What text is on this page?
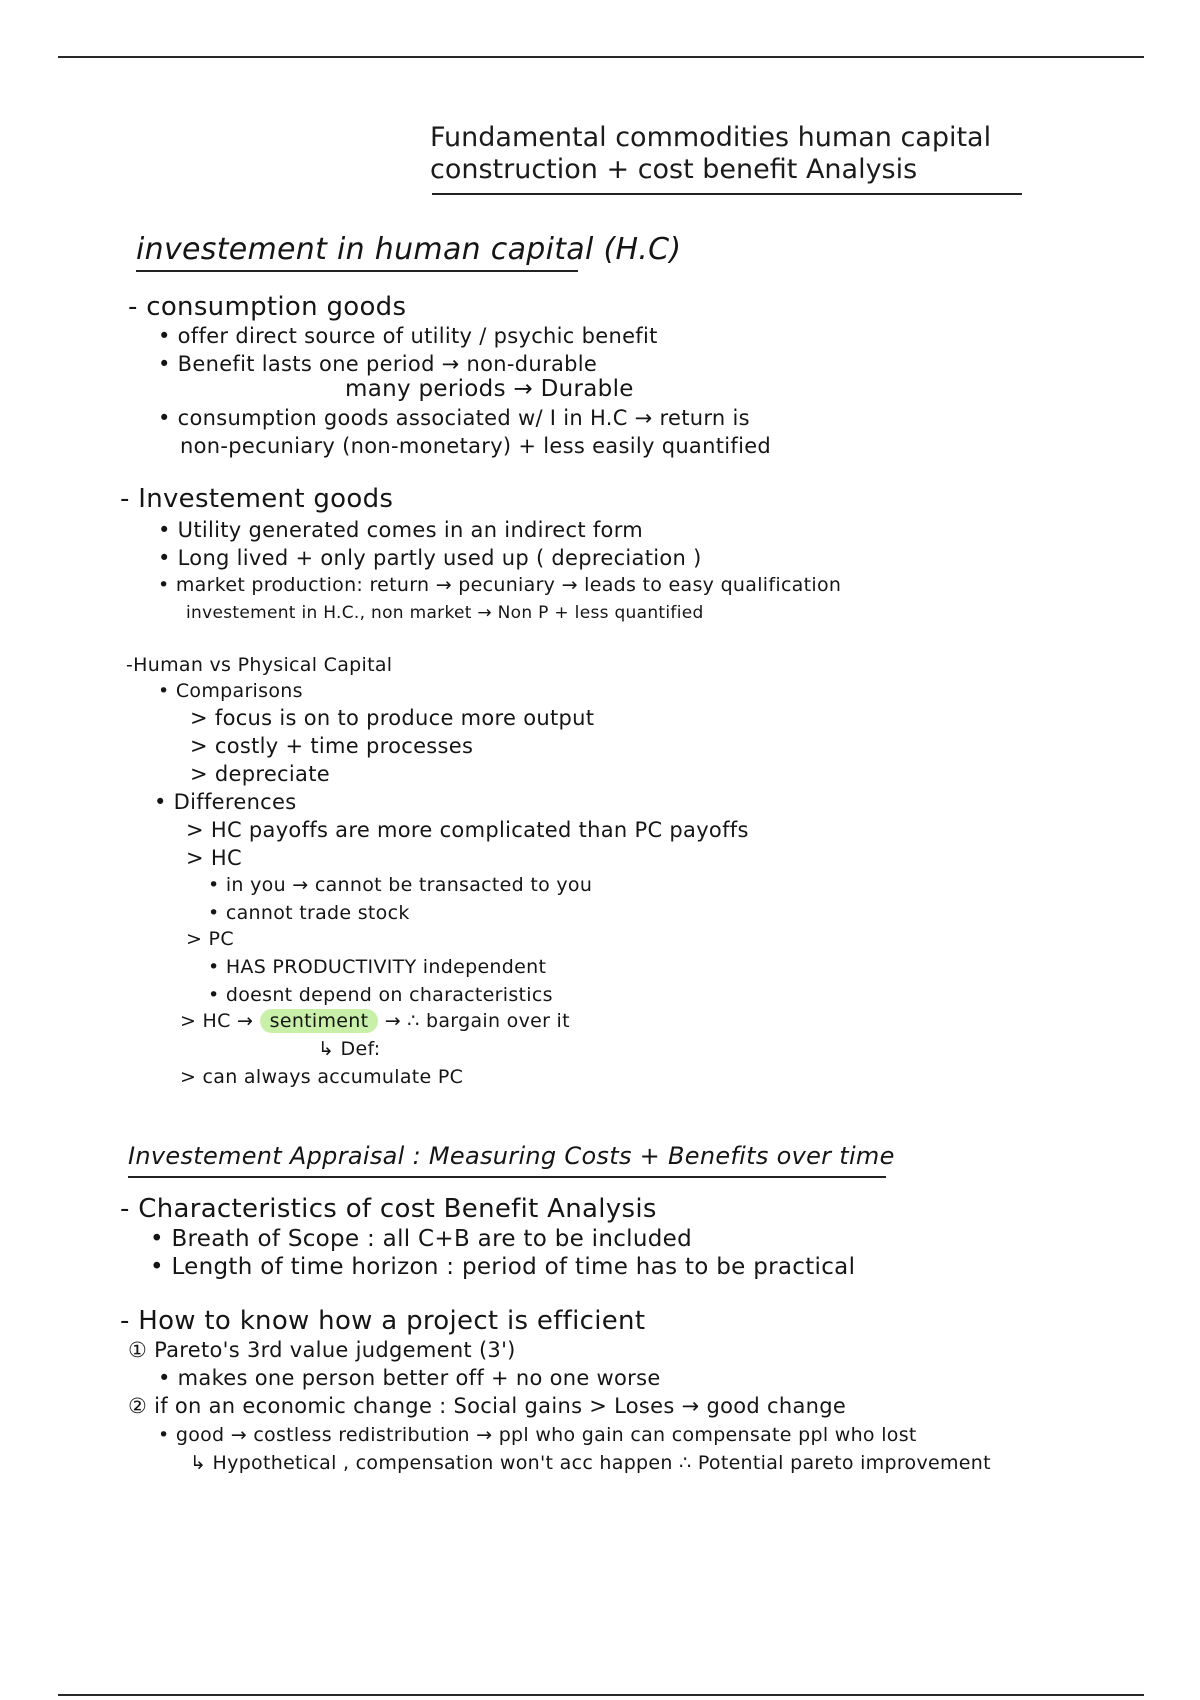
Fundamental commodities human capital
construction + cost benefit Analysis
investement in human capital (H.C)
- consumption goods
• offer direct source of utility / psychic benefit
• Benefit lasts one period → non-durable
many periods → Durable
• consumption goods associated w/ I in H.C → return is
non-pecuniary (non-monetary) + less easily quantified
- Investement goods
• Utility generated comes in an indirect form
• Long lived + only partly used up ( depreciation )
• market production: return → pecuniary → leads to easy qualification
investement in H.C., non market → Non P + less quantified
-Human vs Physical Capital
• Comparisons
> focus is on to produce more output
> costly + time processes
> depreciate
• Differences
> HC payoffs are more complicated than PC payoffs
> HC
• in you → cannot be transacted to you
• cannot trade stock
> PC
• HAS PRODUCTIVITY independent
• doesnt depend on characteristics
> HC → sentiment → ∴ bargain over it
↳ Def:
> can always accumulate PC
Investement Appraisal : Measuring Costs + Benefits over time
- Characteristics of cost Benefit Analysis
• Breath of Scope : all C+B are to be included
• Length of time horizon : period of time has to be practical
- How to know how a project is efficient
① Pareto's 3rd value judgement (3')
• makes one person better off + no one worse
② if on an economic change : Social gains > Loses → good change
• good → costless redistribution → ppl who gain can compensate ppl who lost
↳ Hypothetical , compensation won't acc happen ∴ Potential pareto improvement
